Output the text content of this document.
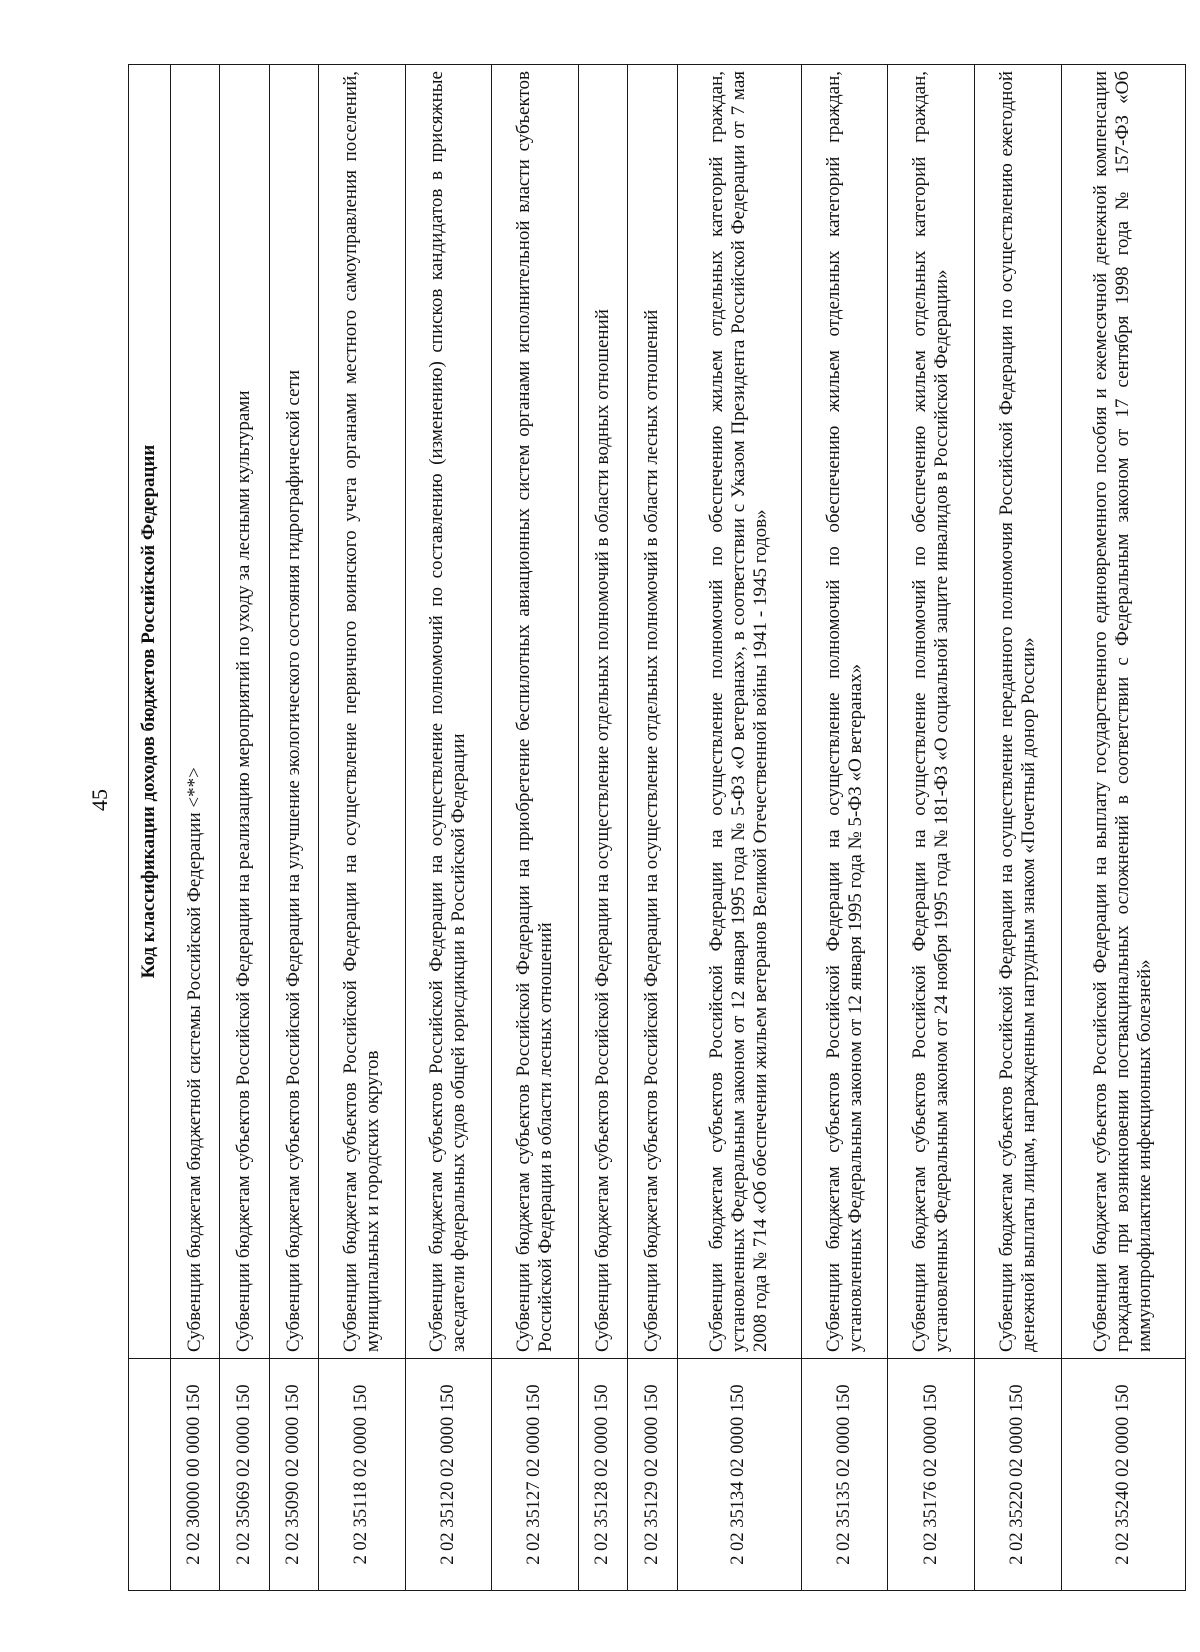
45
	Код классификации доходов бюджетов Российской Федерации
2 02 30000 00 0000 150	Субвенции бюджетам бюджетной системы Российской Федерации <**>
2 02 35069 02 0000 150	Субвенции бюджетам субъектов Российской Федерации на реализацию мероприятий по уходу за лесными культурами
2 02 35090 02 0000 150	Субвенции бюджетам субъектов Российской Федерации на улучшение экологического состояния гидрографической сети
2 02 35118 02 0000 150	Субвенции бюджетам субъектов Российской Федерации на осуществление первичного воинского учета органами местного самоуправления поселений, муниципальных и городских округов
2 02 35120 02 0000 150	Субвенции бюджетам субъектов Российской Федерации на осуществление полномочий по составлению (изменению) списков кандидатов в присяжные заседатели федеральных судов общей юрисдикции в Российской Федерации
2 02 35127 02 0000 150	Субвенции бюджетам субъектов Российской Федерации на приобретение беспилотных авиационных систем органами исполнительной власти субъектов Российской Федерации в области лесных отношений
2 02 35128 02 0000 150	Субвенции бюджетам субъектов Российской Федерации на осуществление отдельных полномочий в области водных отношений
2 02 35129 02 0000 150	Субвенции бюджетам субъектов Российской Федерации на осуществление отдельных полномочий в области лесных отношений
2 02 35134 02 0000 150	Субвенции бюджетам субъектов Российской Федерации на осуществление полномочий по обеспечению жильем отдельных категорий граждан, установленных Федеральным законом от 12 января 1995 года № 5-ФЗ «О ветеранах», в соответствии с Указом Президента Российской Федерации от 7 мая 2008 года № 714 «Об обеспечении жильем ветеранов Великой Отечественной войны 1941 - 1945 годов»
2 02 35135 02 0000 150	Субвенции бюджетам субъектов Российской Федерации на осуществление полномочий по обеспечению жильем отдельных категорий граждан, установленных Федеральным законом от 12 января 1995 года № 5-ФЗ «О ветеранах»
2 02 35176 02 0000 150	Субвенции бюджетам субъектов Российской Федерации на осуществление полномочий по обеспечению жильем отдельных категорий граждан, установленных Федеральным законом от 24 ноября 1995 года № 181-ФЗ «О социальной защите инвалидов в Российской Федерации»
2 02 35220 02 0000 150	Субвенции бюджетам субъектов Российской Федерации на осуществление переданного полномочия Российской Федерации по осуществлению ежегодной денежной выплаты лицам, награжденным нагрудным знаком «Почетный донор России»
2 02 35240 02 0000 150	Субвенции бюджетам субъектов Российской Федерации на выплату государственного единовременного пособия и ежемесячной денежной компенсации гражданам при возникновении поствакцинальных осложнений в соответствии с Федеральным законом от 17 сентября 1998 года № 157-ФЗ «Об иммунопрофилактике инфекционных болезней»
